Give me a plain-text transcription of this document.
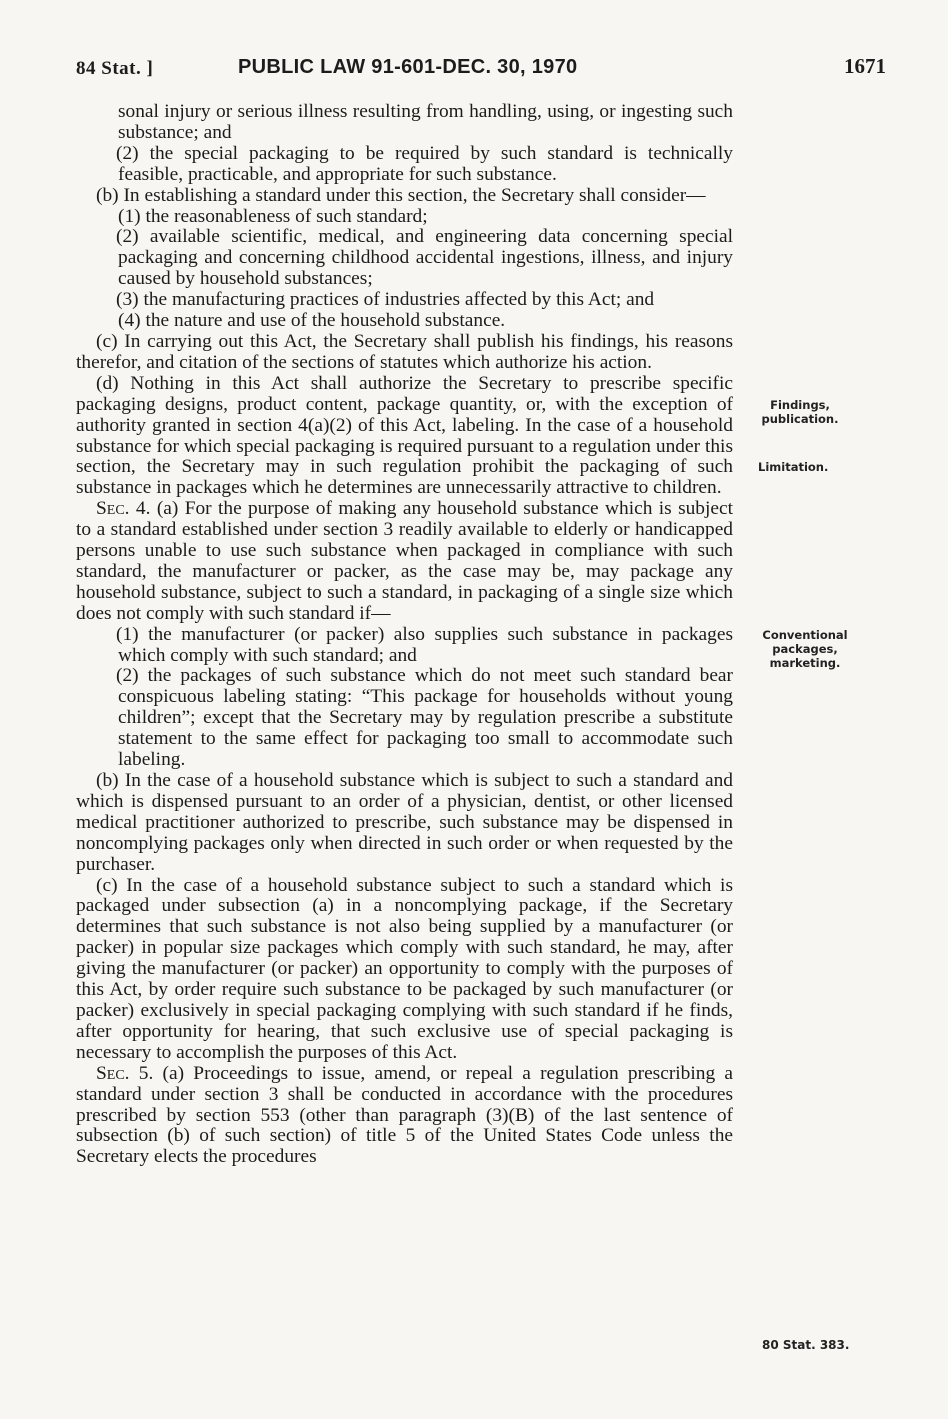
84 Stat. ]	PUBLIC LAW 91-601-DEC. 30, 1970	1671

sonal injury or serious illness resulting from handling, using, or ingesting such substance; and

(2) the special packaging to be required by such standard is technically feasible, practicable, and appropriate for such substance.

(b) In establishing a standard under this section, the Secretary shall consider—

(1) the reasonableness of such standard;

(2) available scientific, medical, and engineering data concerning special packaging and concerning childhood accidental ingestions, illness, and injury caused by household substances;

(3) the manufacturing practices of industries affected by this Act; and

(4) the nature and use of the household substance.

(c) In carrying out this Act, the Secretary shall publish his findings, his reasons therefor, and citation of the sections of statutes which authorize his action.

(d) Nothing in this Act shall authorize the Secretary to prescribe specific packaging designs, product content, package quantity, or, with the exception of authority granted in section 4(a)(2) of this Act, labeling. In the case of a household substance for which special packaging is required pursuant to a regulation under this section, the Secretary may in such regulation prohibit the packaging of such substance in packages which he determines are unnecessarily attractive to children.

Sec. 4. (a) For the purpose of making any household substance which is subject to a standard established under section 3 readily available to elderly or handicapped persons unable to use such substance when packaged in compliance with such standard, the manufacturer or packer, as the case may be, may package any household substance, subject to such a standard, in packaging of a single size which does not comply with such standard if—

(1) the manufacturer (or packer) also supplies such substance in packages which comply with such standard; and

(2) the packages of such substance which do not meet such standard bear conspicuous labeling stating: “This package for households without young children”; except that the Secretary may by regulation prescribe a substitute statement to the same effect for packaging too small to accommodate such labeling.

(b) In the case of a household substance which is subject to such a standard and which is dispensed pursuant to an order of a physician, dentist, or other licensed medical practitioner authorized to prescribe, such substance may be dispensed in noncomplying packages only when directed in such order or when requested by the purchaser.

(c) In the case of a household substance subject to such a standard which is packaged under subsection (a) in a noncomplying package, if the Secretary determines that such substance is not also being supplied by a manufacturer (or packer) in popular size packages which comply with such standard, he may, after giving the manufacturer (or packer) an opportunity to comply with the purposes of this Act, by order require such substance to be packaged by such manufacturer (or packer) exclusively in special packaging complying with such standard if he finds, after opportunity for hearing, that such exclusive use of special packaging is necessary to accomplish the purposes of this Act.

Sec. 5. (a) Proceedings to issue, amend, or repeal a regulation prescribing a standard under section 3 shall be conducted in accordance with the procedures prescribed by section 553 (other than paragraph (3)(B) of the last sentence of subsection (b) of such section) of title 5 of the United States Code unless the Secretary elects the procedures

Findings, publication.
Limitation.
Conventional packages, marketing.
80 Stat. 383.
